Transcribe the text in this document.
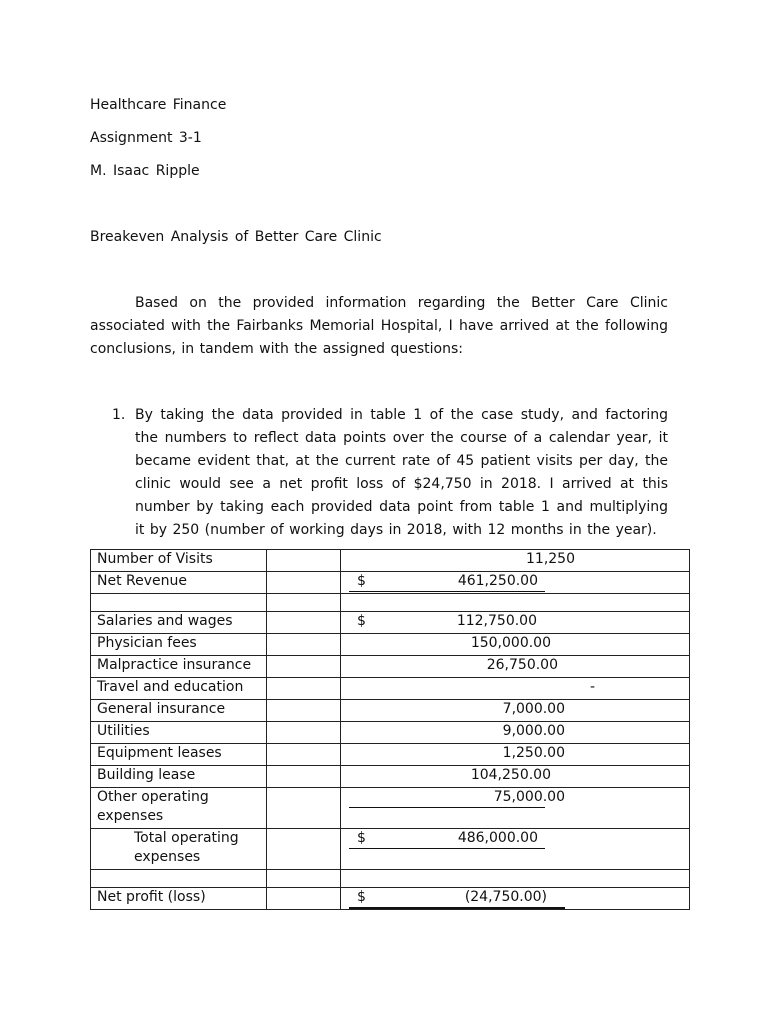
Healthcare Finance
Assignment 3-1
M. Isaac Ripple
Breakeven Analysis of Better Care Clinic
Based on the provided information regarding the Better Care Clinic associated with the Fairbanks Memorial Hospital, I have arrived at the following conclusions, in tandem with the assigned questions:
1. By taking the data provided in table 1 of the case study, and factoring the numbers to reflect data points over the course of a calendar year, it became evident that, at the current rate of 45 patient visits per day, the clinic would see a net profit loss of $24,750 in 2018. I arrived at this number by taking each provided data point from table 1 and multiplying it by 250 (number of working days in 2018, with 12 months in the year).
Number of Visits		11,250

Net Revenue		$ 461,250.00

Salaries and wages		$ 112,750.00

Physician fees		150,000.00

Malpractice insurance		26,750.00

Travel and education		-

General insurance		7,000.00

Utilities		9,000.00

Equipment leases		1,250.00

Building lease		104,250.00

Other operating expenses		75,000.00

Total operating expenses		$ 486,000.00

Net profit (loss)		$ (24,750.00)
